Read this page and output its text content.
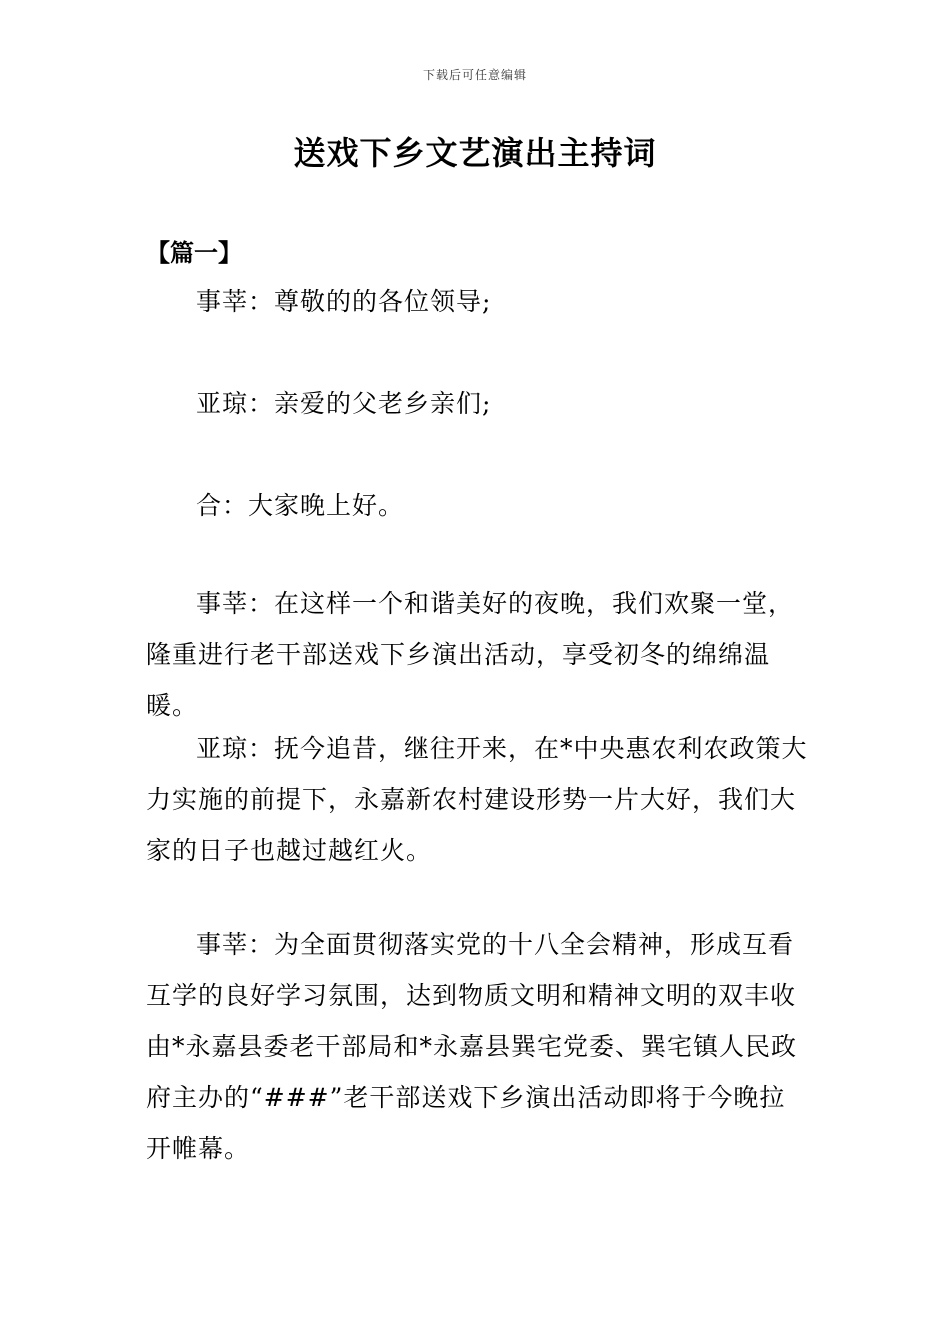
下载后可任意编辑
送戏下乡文艺演出主持词
【篇一】

事莘：尊敬的的各位领导;

亚琼：亲爱的父老乡亲们;

合：大家晚上好。

事莘：在这样一个和谐美好的夜晚，我们欢聚一堂，隆重进行老干部送戏下乡演出活动，享受初冬的绵绵温暖。

亚琼：抚今追昔，继往开来，在*中央惠农利农政策大力实施的前提下，永嘉新农村建设形势一片大好，我们大家的日子也越过越红火。

事莘：为全面贯彻落实党的十八全会精神，形成互看互学的良好学习氛围，达到物质文明和精神文明的双丰收由*永嘉县委老干部局和*永嘉县巽宅党委、巽宅镇人民政府主办的“###”老干部送戏下乡演出活动即将于今晚拉开帷幕。
